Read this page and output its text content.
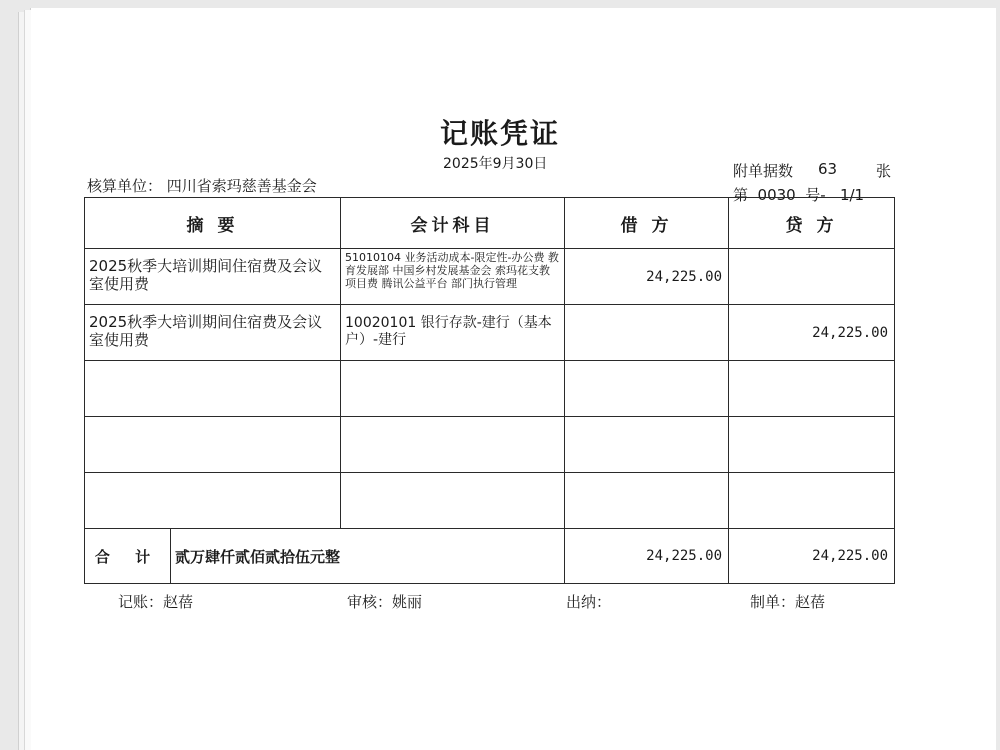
记账凭证
2025年9月30日
核算单位： 四川省索玛慈善基金会
附单据数 63	张
第  0030  号-   1/1
摘 要		会计科目	借 方	贷 方
2025秋季大培训期间住宿费及会议室使用费		51010104 业务活动成本-限定性-办公费 教育发展部 中国乡村发展基金会 索玛花支教 项目费 腾讯公益平台 部门执行管理	24,225.00	
2025秋季大培训期间住宿费及会议室使用费		10020101 银行存款-建行（基本户）-建行		24,225.00

合 计	贰万肆仟贰佰贰拾伍元整		24,225.00	24,225.00
记账：赵蓓	审核：姚丽	出纳：	制单：赵蓓
